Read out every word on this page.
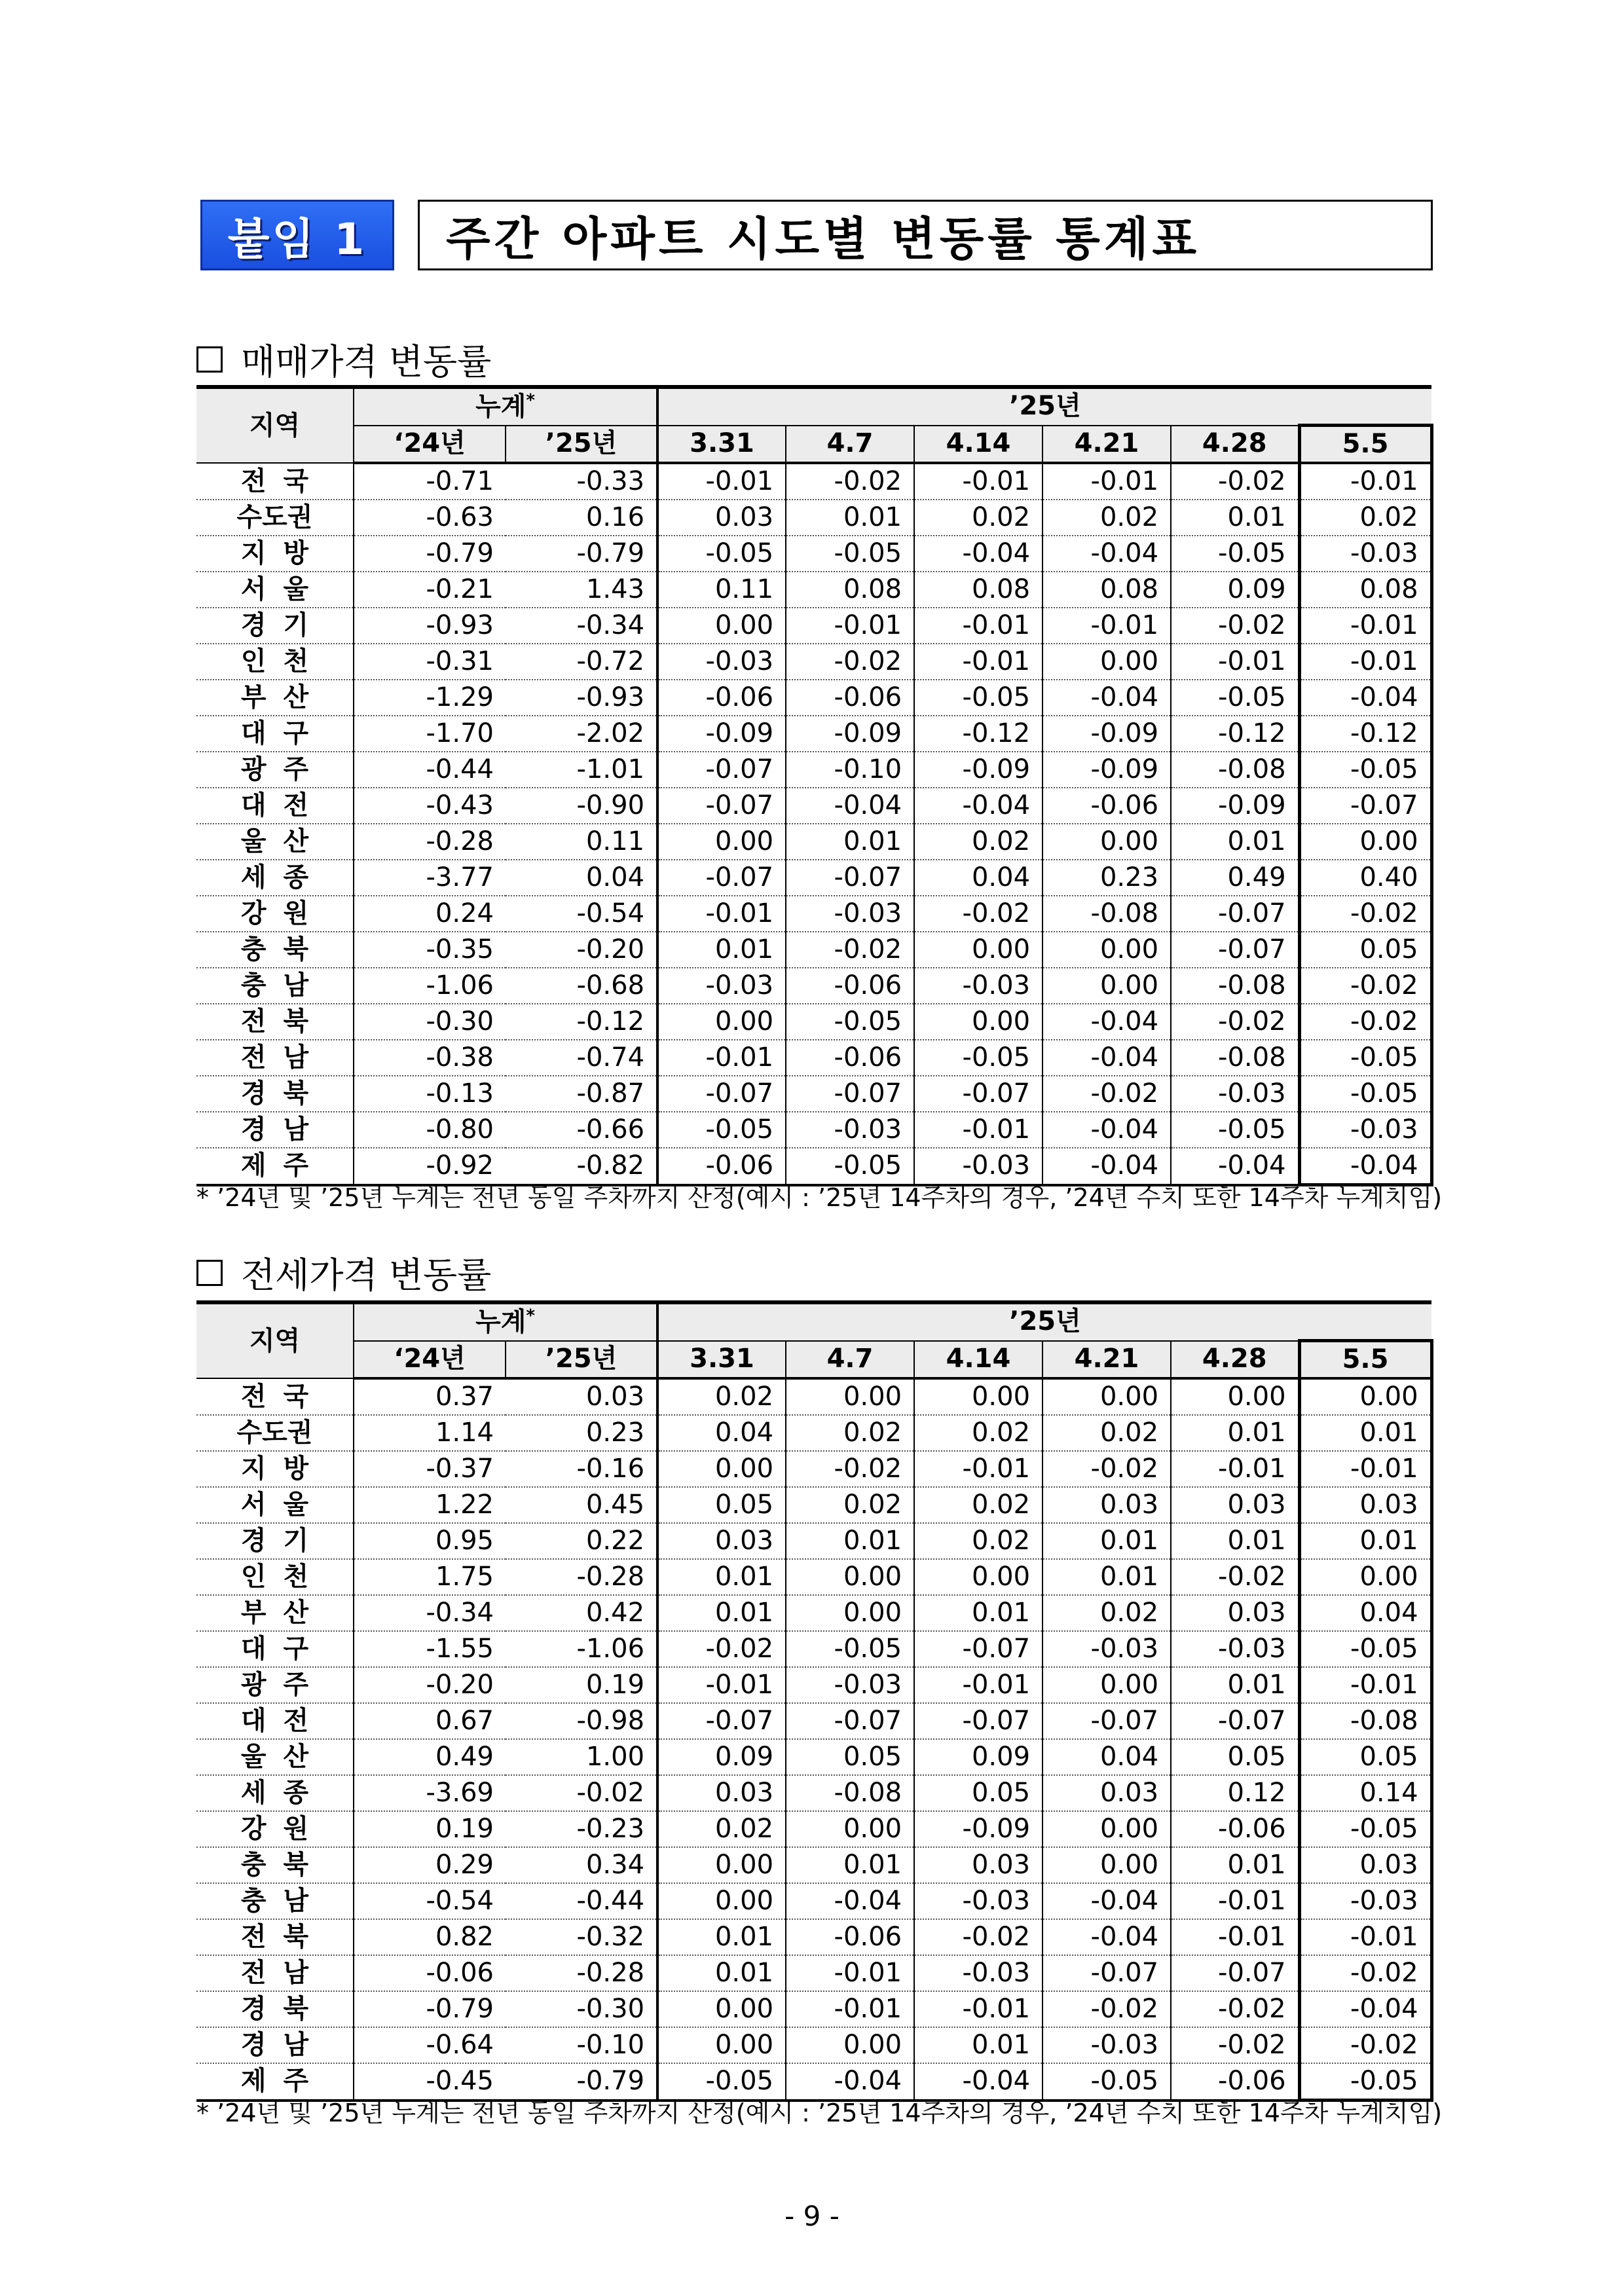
붙임 1	주간 아파트 시도별 변동률 통계표
매매가격 변동률
지역	누계*		’25년					
	‘24년	’25년	3.31	4.7	4.14	4.21	4.28	5.5
전국	-0.71	-0.33	-0.01	-0.02	-0.01	-0.01	-0.02	-0.01
수도권	-0.63	0.16	0.03	0.01	0.02	0.02	0.01	0.02
지방	-0.79	-0.79	-0.05	-0.05	-0.04	-0.04	-0.05	-0.03
서울	-0.21	1.43	0.11	0.08	0.08	0.08	0.09	0.08
경기	-0.93	-0.34	0.00	-0.01	-0.01	-0.01	-0.02	-0.01
인천	-0.31	-0.72	-0.03	-0.02	-0.01	0.00	-0.01	-0.01
부산	-1.29	-0.93	-0.06	-0.06	-0.05	-0.04	-0.05	-0.04
대구	-1.70	-2.02	-0.09	-0.09	-0.12	-0.09	-0.12	-0.12
광주	-0.44	-1.01	-0.07	-0.10	-0.09	-0.09	-0.08	-0.05
대전	-0.43	-0.90	-0.07	-0.04	-0.04	-0.06	-0.09	-0.07
울산	-0.28	0.11	0.00	0.01	0.02	0.00	0.01	0.00
세종	-3.77	0.04	-0.07	-0.07	0.04	0.23	0.49	0.40
강원	0.24	-0.54	-0.01	-0.03	-0.02	-0.08	-0.07	-0.02
충북	-0.35	-0.20	0.01	-0.02	0.00	0.00	-0.07	0.05
충남	-1.06	-0.68	-0.03	-0.06	-0.03	0.00	-0.08	-0.02
전북	-0.30	-0.12	0.00	-0.05	0.00	-0.04	-0.02	-0.02
전남	-0.38	-0.74	-0.01	-0.06	-0.05	-0.04	-0.08	-0.05
경북	-0.13	-0.87	-0.07	-0.07	-0.07	-0.02	-0.03	-0.05
경남	-0.80	-0.66	-0.05	-0.03	-0.01	-0.04	-0.05	-0.03
제주	-0.92	-0.82	-0.06	-0.05	-0.03	-0.04	-0.04	-0.04
* ’24년 및 ’25년 누계는 전년 동일 주차까지 산정(예시 : ’25년 14주차의 경우, ’24년 수치 또한 14주차 누계치임)
전세가격 변동률
지역	누계*		’25년					
	‘24년	’25년	3.31	4.7	4.14	4.21	4.28	5.5
전국	0.37	0.03	0.02	0.00	0.00	0.00	0.00	0.00
수도권	1.14	0.23	0.04	0.02	0.02	0.02	0.01	0.01
지방	-0.37	-0.16	0.00	-0.02	-0.01	-0.02	-0.01	-0.01
서울	1.22	0.45	0.05	0.02	0.02	0.03	0.03	0.03
경기	0.95	0.22	0.03	0.01	0.02	0.01	0.01	0.01
인천	1.75	-0.28	0.01	0.00	0.00	0.01	-0.02	0.00
부산	-0.34	0.42	0.01	0.00	0.01	0.02	0.03	0.04
대구	-1.55	-1.06	-0.02	-0.05	-0.07	-0.03	-0.03	-0.05
광주	-0.20	0.19	-0.01	-0.03	-0.01	0.00	0.01	-0.01
대전	0.67	-0.98	-0.07	-0.07	-0.07	-0.07	-0.07	-0.08
울산	0.49	1.00	0.09	0.05	0.09	0.04	0.05	0.05
세종	-3.69	-0.02	0.03	-0.08	0.05	0.03	0.12	0.14
강원	0.19	-0.23	0.02	0.00	-0.09	0.00	-0.06	-0.05
충북	0.29	0.34	0.00	0.01	0.03	0.00	0.01	0.03
충남	-0.54	-0.44	0.00	-0.04	-0.03	-0.04	-0.01	-0.03
전북	0.82	-0.32	0.01	-0.06	-0.02	-0.04	-0.01	-0.01
전남	-0.06	-0.28	0.01	-0.01	-0.03	-0.07	-0.07	-0.02
경북	-0.79	-0.30	0.00	-0.01	-0.01	-0.02	-0.02	-0.04
경남	-0.64	-0.10	0.00	0.00	0.01	-0.03	-0.02	-0.02
제주	-0.45	-0.79	-0.05	-0.04	-0.04	-0.05	-0.06	-0.05
* ’24년 및 ’25년 누계는 전년 동일 주차까지 산정(예시 : ’25년 14주차의 경우, ’24년 수치 또한 14주차 누계치임)
- 9 -
